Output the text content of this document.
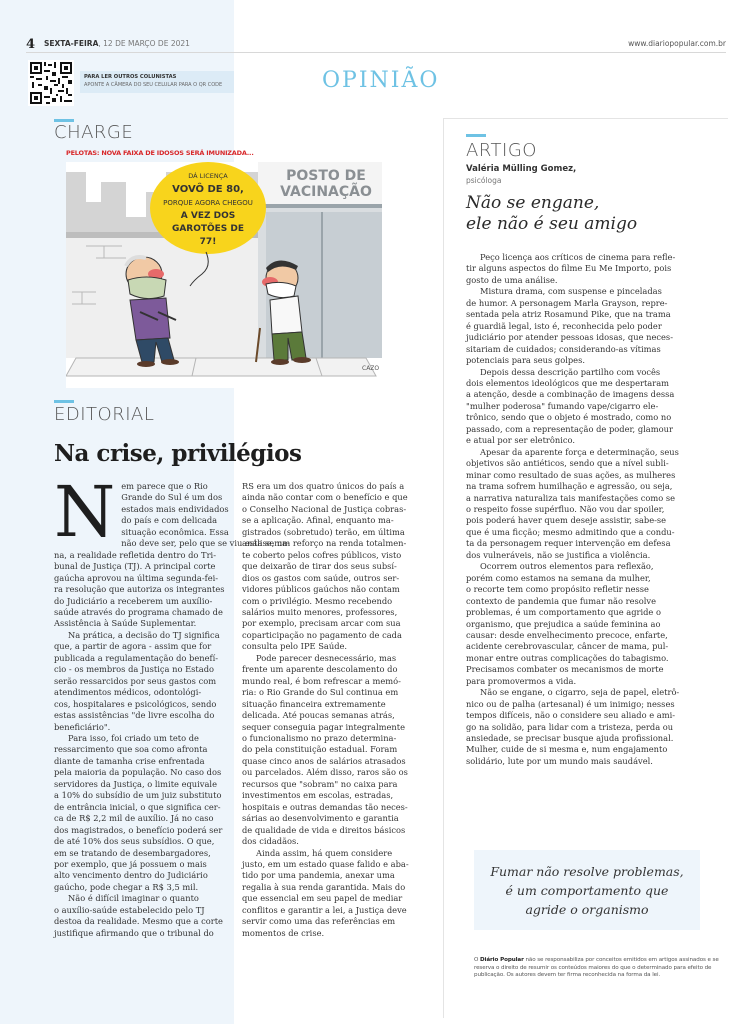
4 SEXTA-FEIRA, 12 DE MARÇO DE 2021	www.diariopopular.com.br
PARA LER OUTROS COLUNISTAS
APONTE A CÂMERA DO SEU CELULAR PARA O QR CODE	OPINIÃO
CHARGE
PELOTAS: NOVA FAIXA DE IDOSOS SERÁ IMUNIZADA...
POSTO DE
VACINAÇÃO
DÁ LICENÇA
VOVÔ DE 80,
PORQUE AGORA CHEGOU
A VEZ DOS
GAROTÕES DE
77!
CAZO
EDITORIAL
Na crise, privilégios
N em parece que o Rio
Grande do Sul é um dos
estados mais endividados
do país e com delicada
situação econômica. Essa
não deve ser, pelo que se viu esta sema-
na, a realidade refletida dentro do Tri-
bunal de Justiça (TJ). A principal corte
gaúcha aprovou na última segunda-fei-
ra resolução que autoriza os integrantes
do Judiciário a receberem um auxílio-
saúde através do programa chamado de
Assistência à Saúde Suplementar.
Na prática, a decisão do TJ significa
que, a partir de agora - assim que for
publicada a regulamentação do benefí-
cio - os membros da Justiça no Estado
serão ressarcidos por seus gastos com
atendimentos médicos, odontológi-
cos, hospitalares e psicológicos, sendo
estas assistências "de livre escolha do
beneficiário".
Para isso, foi criado um teto de
ressarcimento que soa como afronta
diante de tamanha crise enfrentada
pela maioria da população. No caso dos
servidores da Justiça, o limite equivale
a 10% do subsídio de um juiz substituto
de entrância inicial, o que significa cer-
ca de R$ 2,2 mil de auxílio. Já no caso
dos magistrados, o benefício poderá ser
de até 10% dos seus subsídios. O que,
em se tratando de desembargadores,
por exemplo, que já possuem o mais
alto vencimento dentro do Judiciário
gaúcho, pode chegar a R$ 3,5 mil.
Não é difícil imaginar o quanto
o auxílio-saúde estabelecido pelo TJ
destoa da realidade. Mesmo que a corte
justifique afirmando que o tribunal do
RS era um dos quatro únicos do país a
ainda não contar com o benefício e que
o Conselho Nacional de Justiça cobras-
se a aplicação. Afinal, enquanto ma-
gistrados (sobretudo) terão, em última
análise, um reforço na renda totalmen-
te coberto pelos cofres públicos, visto
que deixarão de tirar dos seus subsí-
dios os gastos com saúde, outros ser-
vidores públicos gaúchos não contam
com o privilégio. Mesmo recebendo
salários muito menores, professores,
por exemplo, precisam arcar com sua
coparticipação no pagamento de cada
consulta pelo IPE Saúde.
Pode parecer desnecessário, mas
frente um aparente descolamento do
mundo real, é bom refrescar a memó-
ria: o Rio Grande do Sul continua em
situação financeira extremamente
delicada. Até poucas semanas atrás,
sequer conseguia pagar integralmente
o funcionalismo no prazo determina-
do pela constituição estadual. Foram
quase cinco anos de salários atrasados
ou parcelados. Além disso, raros são os
recursos que "sobram" no caixa para
investimentos em escolas, estradas,
hospitais e outras demandas tão neces-
sárias ao desenvolvimento e garantia
de qualidade de vida e direitos básicos
dos cidadãos.
Ainda assim, há quem considere
justo, em um estado quase falido e aba-
tido por uma pandemia, anexar uma
regalia à sua renda garantida. Mais do
que essencial em seu papel de mediar
conflitos e garantir a lei, a Justiça deve
servir como uma das referências em
momentos de crise.
ARTIGO
Valéria Mülling Gomez,
psicóloga
Não se engane,
ele não é seu amigo
Peço licença aos críticos de cinema para refle-
tir alguns aspectos do filme Eu Me Importo, pois
gosto de uma análise.
Mistura drama, com suspense e pinceladas
de humor. A personagem Marla Grayson, repre-
sentada pela atriz Rosamund Pike, que na trama
é guardiã legal, isto é, reconhecida pelo poder
judiciário por atender pessoas idosas, que neces-
sitariam de cuidados; considerando-as vítimas
potenciais para seus golpes.
Depois dessa descrição partilho com vocês
dois elementos ideológicos que me despertaram
a atenção, desde a combinação de imagens dessa
"mulher poderosa" fumando vape/cigarro ele-
trônico, sendo que o objeto é mostrado, como no
passado, com a representação de poder, glamour
e atual por ser eletrônico.
Apesar da aparente força e determinação, seus
objetivos são antiéticos, sendo que a nível subli-
minar como resultado de suas ações, as mulheres
na trama sofrem humilhação e agressão, ou seja,
a narrativa naturaliza tais manifestações como se
o respeito fosse supérfluo. Não vou dar spoiler,
pois poderá haver quem deseje assistir, sabe-se
que é uma ficção; mesmo admitindo que a condu-
ta da personagem requer intervenção em defesa
dos vulneráveis, não se justifica a violência.
Ocorrem outros elementos para reflexão,
porém como estamos na semana da mulher,
o recorte tem como propósito refletir nesse
contexto de pandemia que fumar não resolve
problemas, é um comportamento que agride o
organismo, que prejudica a saúde feminina ao
causar: desde envelhecimento precoce, enfarte,
acidente cerebrovascular, câncer de mama, pul-
monar entre outras complicações do tabagismo.
Precisamos combater os mecanismos de morte
para promovermos a vida.
Não se engane, o cigarro, seja de papel, eletrô-
nico ou de palha (artesanal) é um inimigo; nesses
tempos difíceis, não o considere seu aliado e ami-
go na solidão, para lidar com a tristeza, perda ou
ansiedade, se precisar busque ajuda profissional.
Mulher, cuide de si mesma e, num engajamento
solidário, lute por um mundo mais saudável.
Fumar não resolve problemas,
é um comportamento que
agride o organismo
O Diário Popular não se responsabiliza por conceitos emitidos em artigos assinados e se reserva o direito de resumir os conteúdos maiores do que o determinado para efeito de publicação. Os autores devem ter firma reconhecida na forma da lei.
